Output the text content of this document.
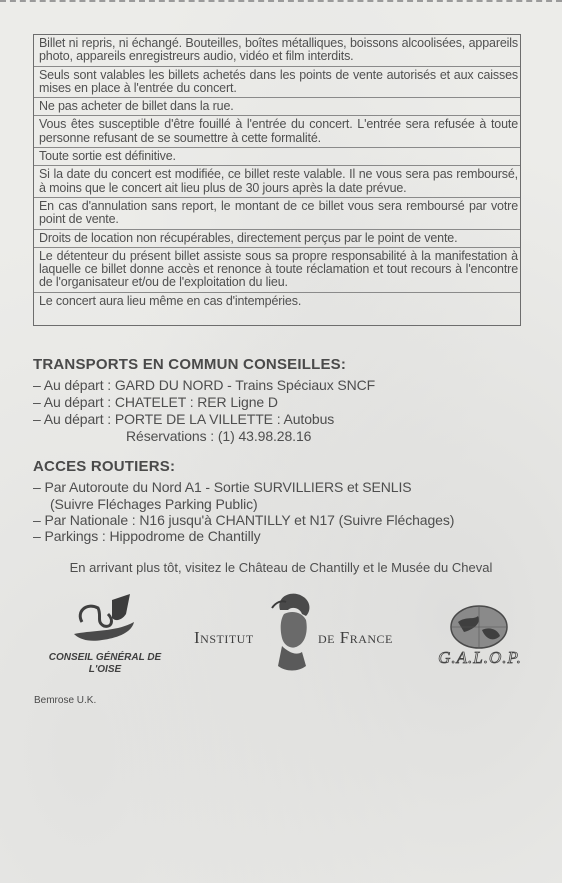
Billet ni repris, ni échangé. Bouteilles, boîtes métalliques, boissons alcoolisées, appareils photo, appareils enregistreurs audio, vidéo et film interdits.
Seuls sont valables les billets achetés dans les points de vente autorisés et aux caisses mises en place à l'entrée du concert.
Ne pas acheter de billet dans la rue.
Vous êtes susceptible d'être fouillé à l'entrée du concert. L'entrée sera refusée à toute personne refusant de se soumettre à cette formalité.
Toute sortie est définitive.
Si la date du concert est modifiée, ce billet reste valable. Il ne vous sera pas remboursé, à moins que le concert ait lieu plus de 30 jours après la date prévue.
En cas d'annulation sans report, le montant de ce billet vous sera remboursé par votre point de vente.
Droits de location non récupérables, directement perçus par le point de vente.
Le détenteur du présent billet assiste sous sa propre responsabilité à la manifestation à laquelle ce billet donne accès et renonce à toute réclamation et tout recours à l'encontre de l'organisateur et/ou de l'exploitation du lieu.
Le concert aura lieu même en cas d'intempéries.
TRANSPORTS EN COMMUN CONSEILLES:
– Au départ : GARD DU NORD - Trains Spéciaux SNCF
– Au départ : CHATELET : RER Ligne D
– Au départ : PORTE DE LA VILLETTE : Autobus
Réservations : (1) 43.98.28.16
ACCES ROUTIERS:
– Par Autoroute du Nord A1 - Sortie SURVILLIERS et SENLIS
(Suivre Fléchages Parking Public)
– Par Nationale : N16 jusqu'à CHANTILLY et N17 (Suivre Fléchages)
– Parkings : Hippodrome de Chantilly
En arrivant plus tôt, visitez le Château de Chantilly et le Musée du Cheval
CONSEIL GÉNÉRAL DE
L'OISE
Institut	de France
G.A.L.O.P.
Bemrose U.K.
